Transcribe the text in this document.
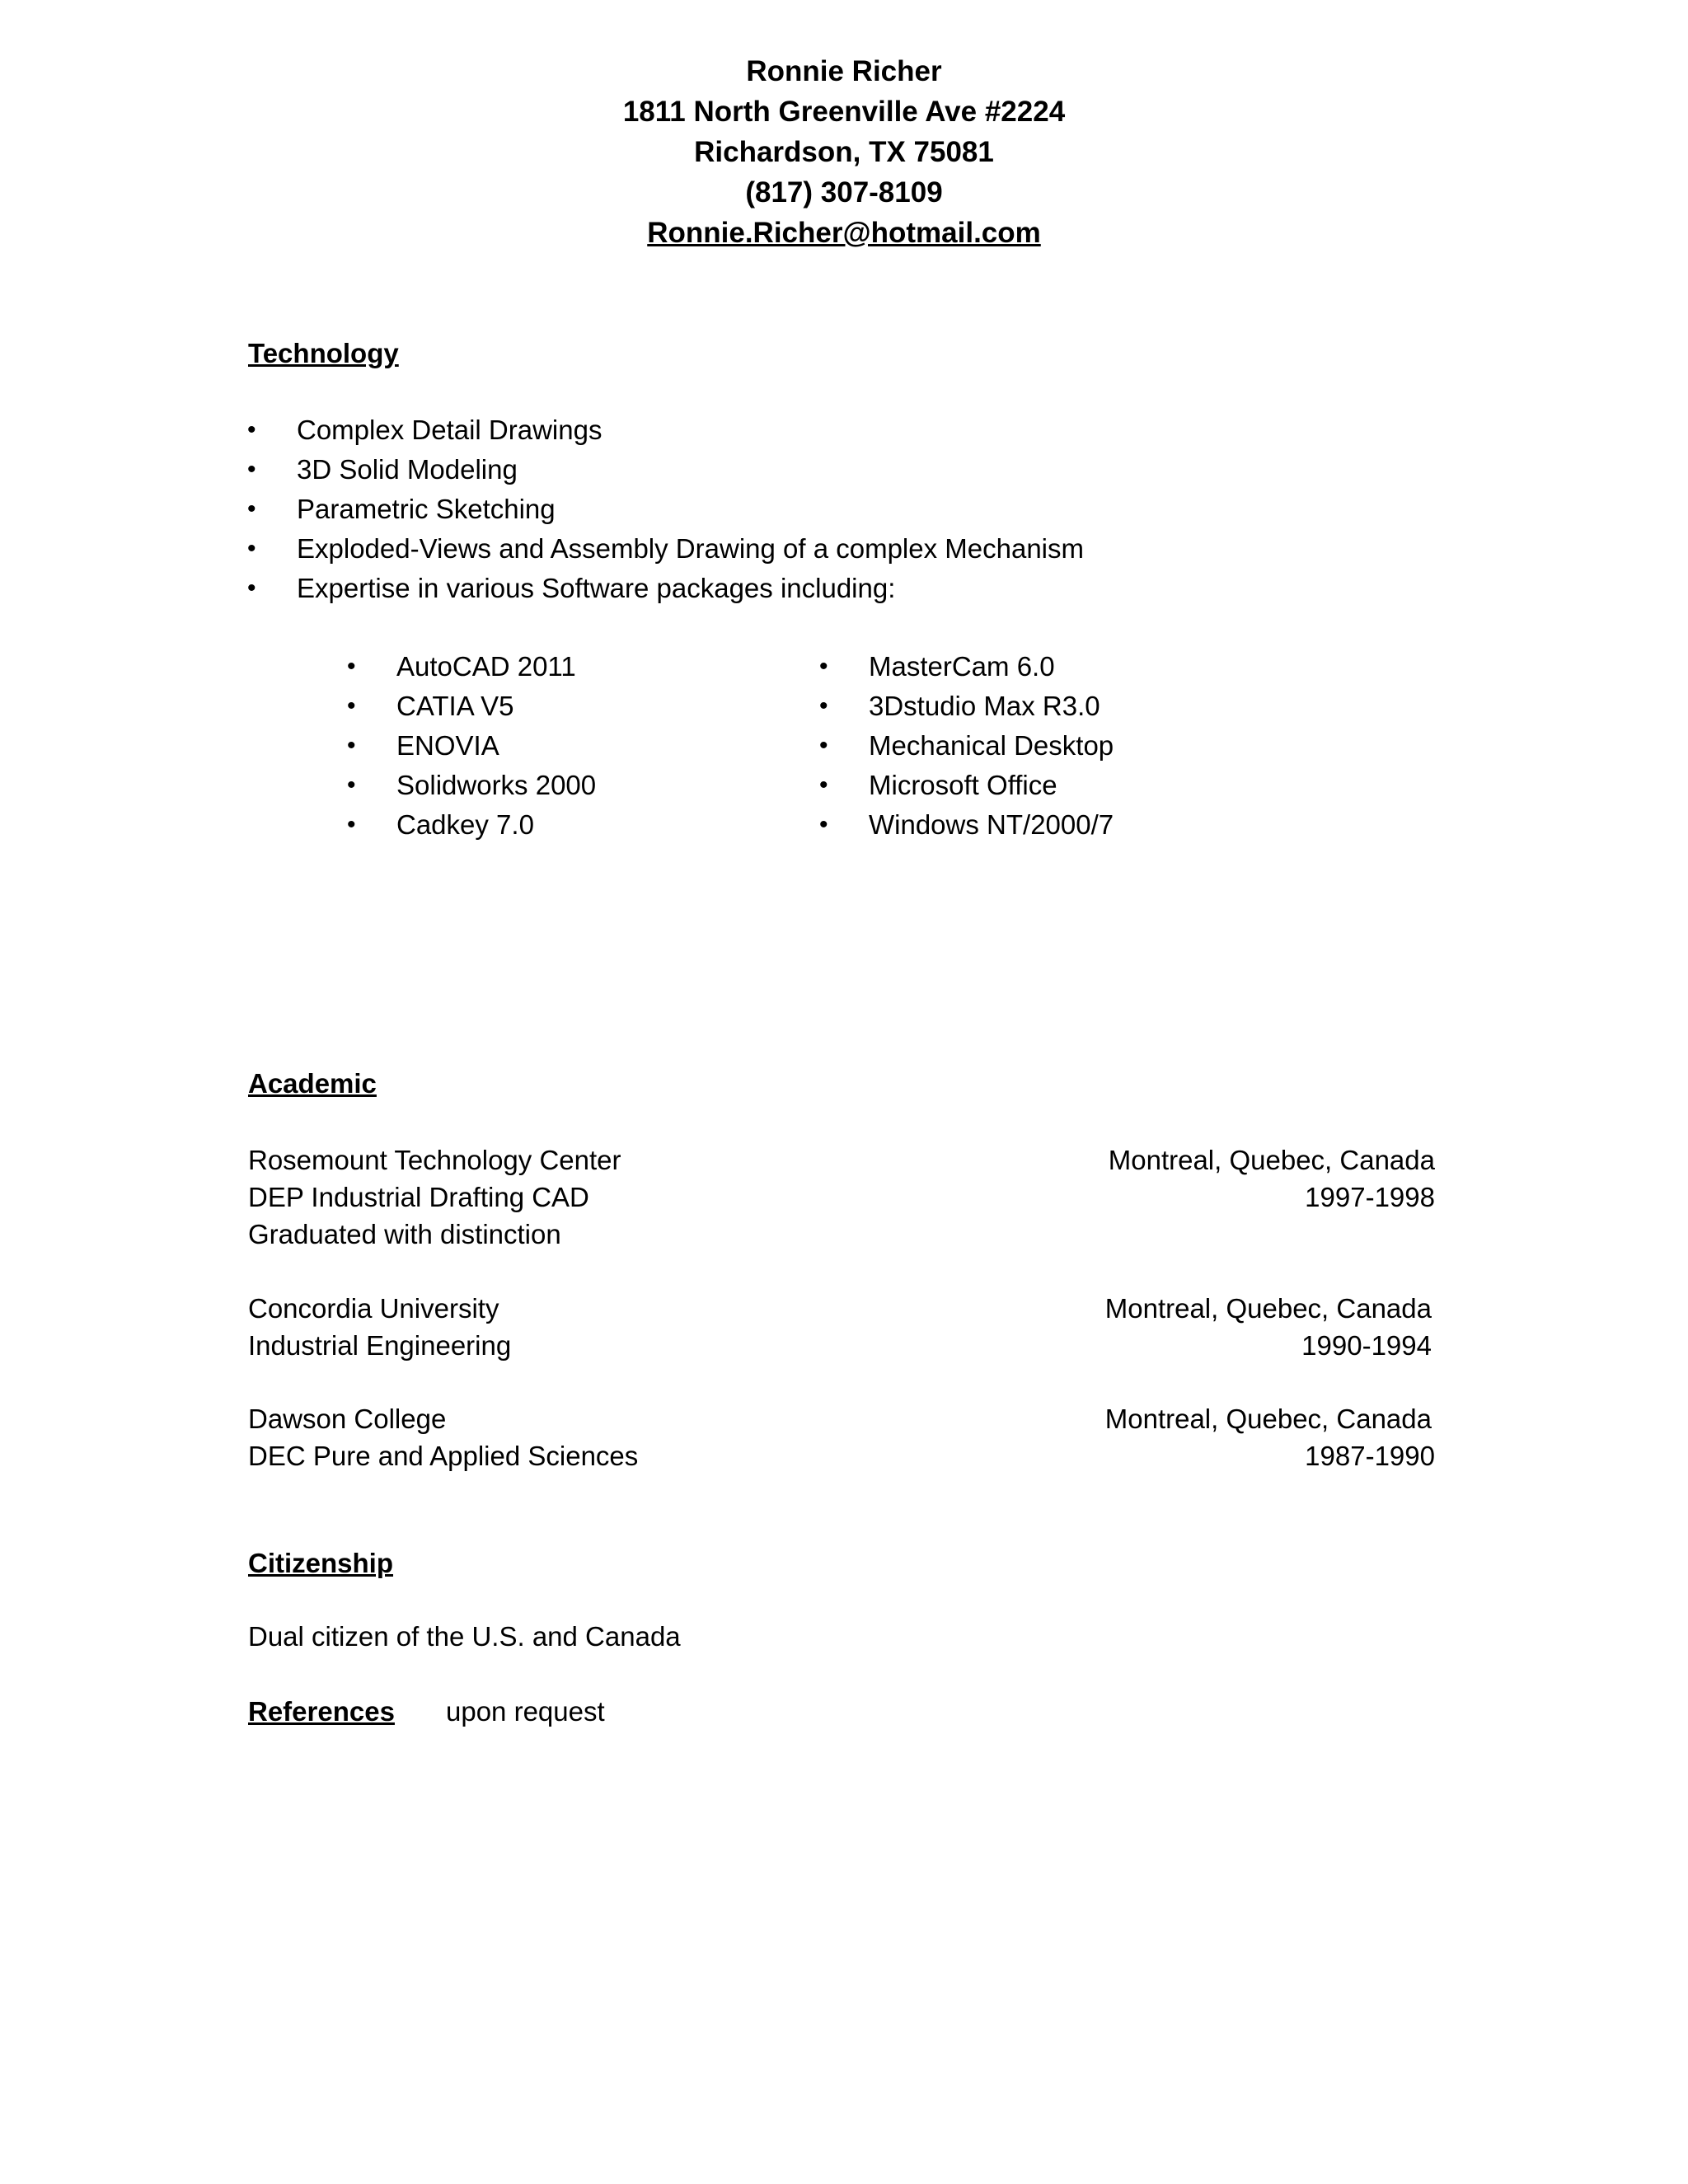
Ronnie Richer
1811 North Greenville Ave #2224
Richardson, TX 75081
(817) 307-8109
Ronnie.Richer@hotmail.com
Technology
• Complex Detail Drawings
• 3D Solid Modeling
• Parametric Sketching
• Exploded-Views and Assembly Drawing of a complex Mechanism
• Expertise in various Software packages including:
• AutoCAD 2011
• CATIA V5
• ENOVIA
• Solidworks 2000
• Cadkey 7.0
• MasterCam 6.0
• 3Dstudio Max R3.0
• Mechanical Desktop
• Microsoft Office
• Windows NT/2000/7
Academic
Rosemount Technology Center	Montreal, Quebec, Canada
DEP Industrial Drafting CAD	1997-1998
Graduated with distinction
Concordia University	Montreal, Quebec, Canada
Industrial Engineering	1990-1994
Dawson College	Montreal, Quebec, Canada
DEC Pure and Applied Sciences	1987-1990
Citizenship
Dual citizen of the U.S. and Canada
References upon request
